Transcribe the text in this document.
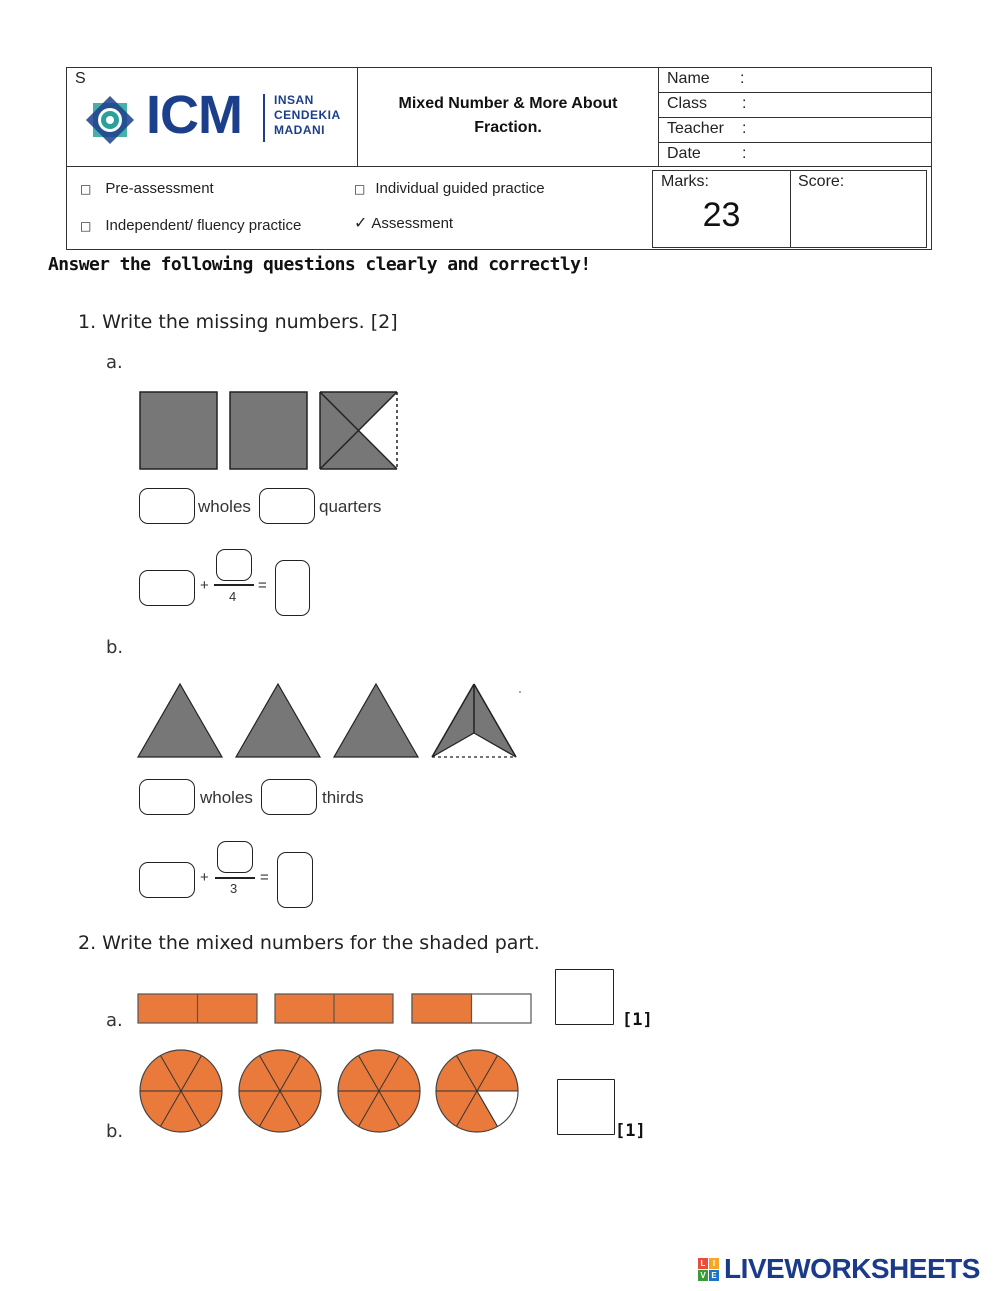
S
ICM	INSAN
CENDEKIA
MADANI
Mixed Number & More About
Fraction.
Name :
Class :
Teacher :
Date	:
□ Pre-assessment	□ Individual guided practice
□ Independent/ fluency practice	✓ Assessment
Marks:
23
Score:
Answer the following questions clearly and correctly!
1. Write the missing numbers. [2]
a.
wholes	quarters
+
4
=
b.
wholes	thirds
+
3
=
2. Write the mixed numbers for the shaded part.
a.	[1]
b.	[1]
L I
V E LIVEWORKSHEETS
